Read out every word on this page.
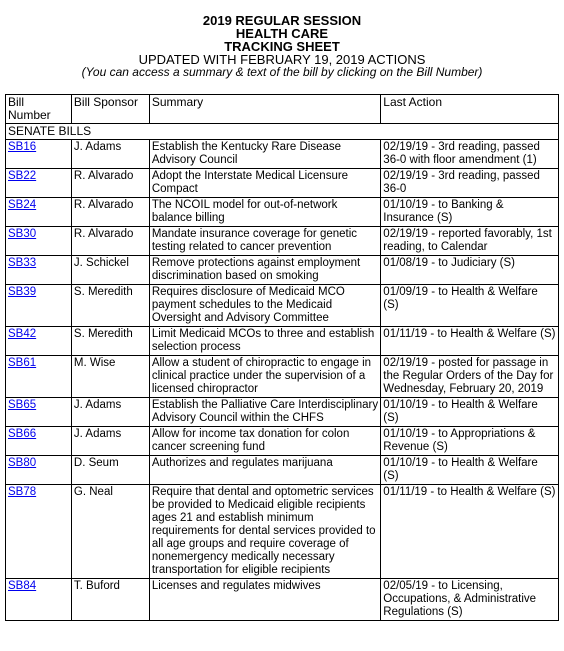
2019 REGULAR SESSION

HEALTH CARE

TRACKING SHEET

UPDATED WITH FEBRUARY 19, 2019 ACTIONS

(You can access a summary & text of the bill by clicking on the Bill Number)

Bill Number	Bill Sponsor	Summary	Last Action
SENATE BILLS			
SB16	J. Adams	Establish the Kentucky Rare Disease Advisory Council	02/19/19 - 3rd reading, passed 36-0 with floor amendment (1)
SB22	R. Alvarado	Adopt the Interstate Medical Licensure Compact	02/19/19 - 3rd reading, passed 36-0
SB24	R. Alvarado	The NCOIL model for out-of-network balance billing	01/10/19 - to Banking & Insurance (S)
SB30	R. Alvarado	Mandate insurance coverage for genetic testing related to cancer prevention	02/19/19 - reported favorably, 1st reading, to Calendar
SB33	J. Schickel	Remove protections against employment discrimination based on smoking	01/08/19 - to Judiciary (S)
SB39	S. Meredith	Requires disclosure of Medicaid MCO payment schedules to the Medicaid Oversight and Advisory Committee	01/09/19 - to Health & Welfare (S)
SB42	S. Meredith	Limit Medicaid MCOs to three and establish selection process	01/11/19 - to Health & Welfare (S)
SB61	M. Wise	Allow a student of chiropractic to engage in clinical practice under the supervision of a licensed chiropractor	02/19/19 - posted for passage in the Regular Orders of the Day for Wednesday, February 20, 2019
SB65	J. Adams	Establish the Palliative Care Interdisciplinary Advisory Council within the CHFS	01/10/19 - to Health & Welfare (S)
SB66	J. Adams	Allow for income tax donation for colon cancer screening fund	01/10/19 - to Appropriations & Revenue (S)
SB80	D. Seum	Authorizes and regulates marijuana	01/10/19 - to Health & Welfare (S)
SB78	G. Neal	Require that dental and optometric services be provided to Medicaid eligible recipients ages 21 and establish minimum requirements for dental services provided to all age groups and require coverage of nonemergency medically necessary transportation for eligible recipients	01/11/19 - to Health & Welfare (S)
SB84	T. Buford	Licenses and regulates midwives	02/05/19 - to Licensing, Occupations, & Administrative Regulations (S)
